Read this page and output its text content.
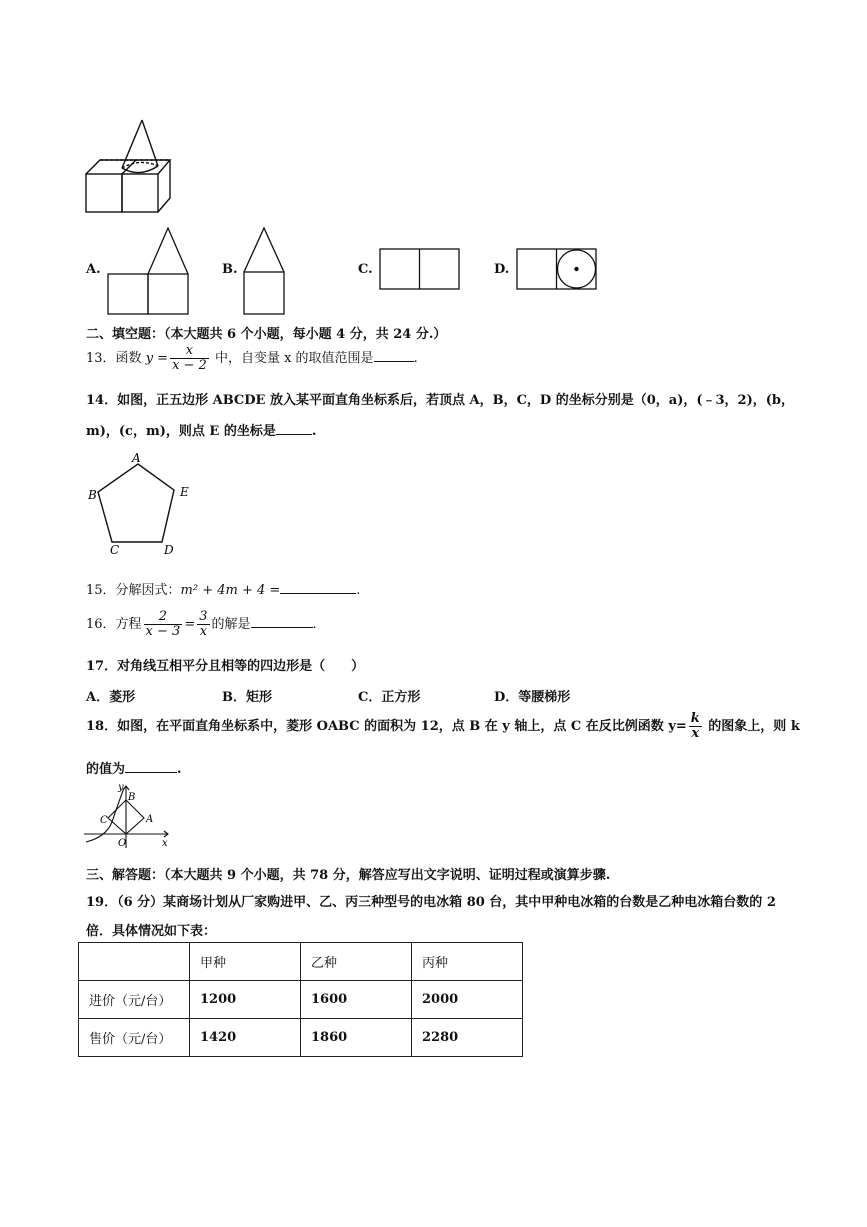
A.	B.	C.	D.
二、填空题：（本大题共 6 个小题，每小题 4 分，共 24 分.）
13．函数 $y = \frac{x}{x - 2}$ 中，自变量 x 的取值范围是	.
14．如图，正五边形 ABCDE 放入某平面直角坐标系后，若顶点 A，B，C，D 的坐标分别是（0，a)，(﹣3，2)，(b，
m)，(c，m)，则点 E 的坐标是	.
A
B
C	D
E
15．分解因式：m² + 4m + 4 =	.
16．方程 $\frac{2}{x - 3} = \frac{3}{x}$ 的解是	.
17．对角线互相平分且相等的四边形是（　　）
A．菱形	B．矩形	C．正方形	D．等腰梯形
18．如图，在平面直角坐标系中，菱形 OABC 的面积为 12，点 B 在 y 轴上，点 C 在反比例函数 $y= \frac{k}{x}$ 的图象上，则 k
的值为	.
y
B
C	A
O	x
三、解答题：（本大题共 9 个小题，共 78 分，解答应写出文字说明、证明过程或演算步骤.
19．（6 分）某商场计划从厂家购进甲、乙、丙三种型号的电冰箱 80 台，其中甲种电冰箱的台数是乙种电冰箱台数的 2
倍．具体情况如下表：
	甲种	乙种	丙种
进价（元/台）	1200	1600	2000
售价（元/台）	1420	1860	2280
